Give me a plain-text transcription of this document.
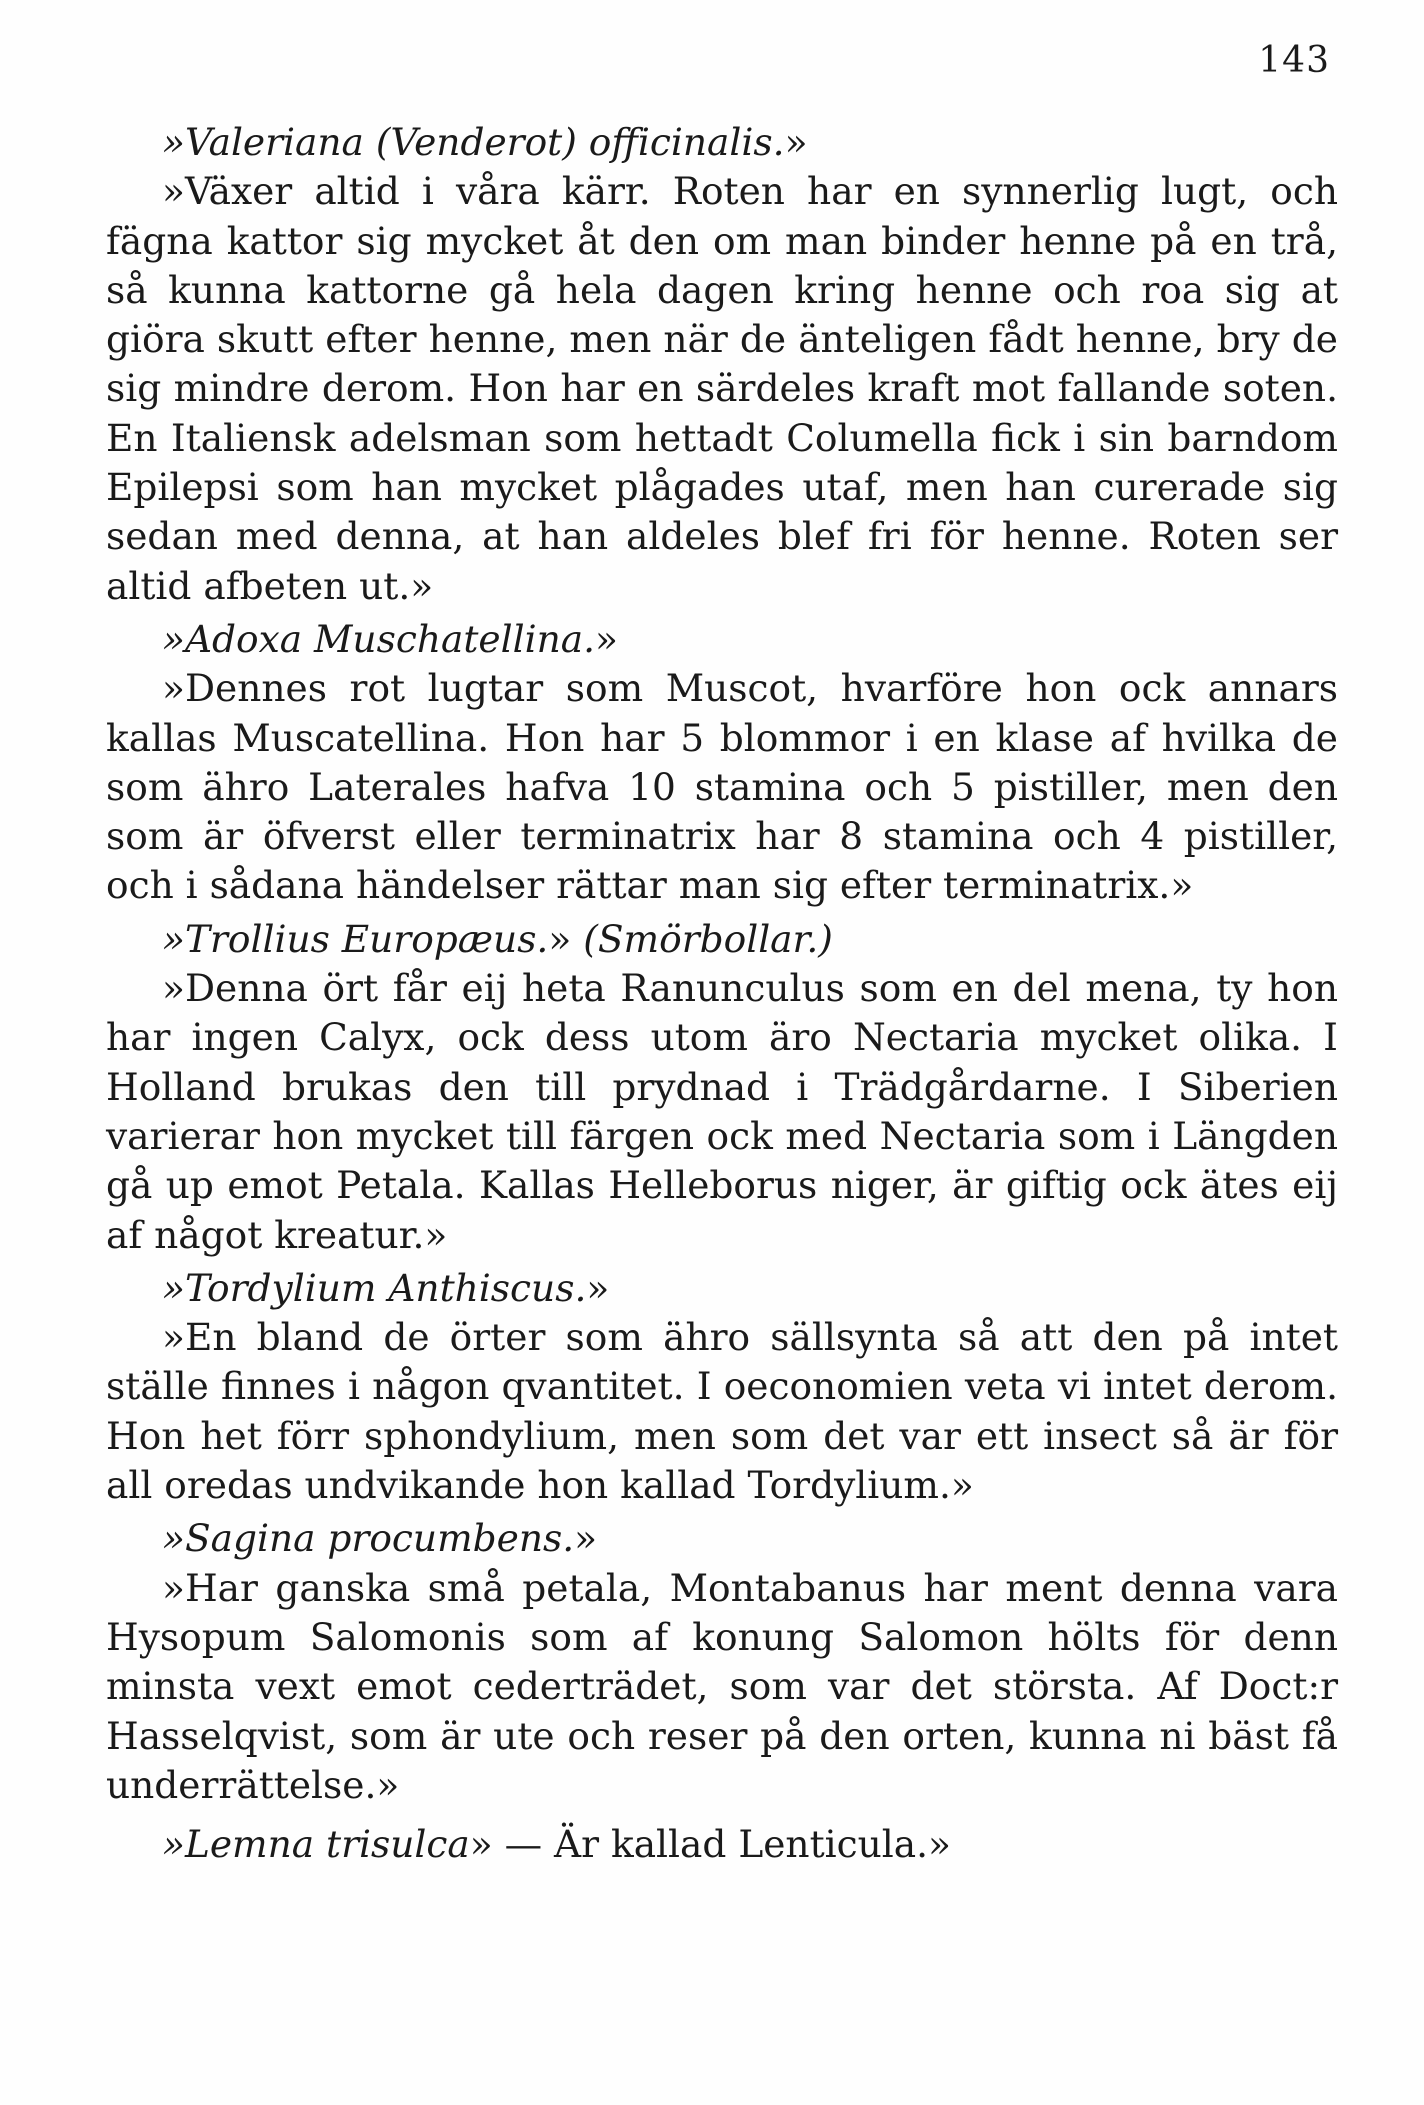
143

»Valeriana (Venderot) officinalis.»

»Växer altid i våra kärr. Roten har en synnerlig lugt, och fägna kattor sig mycket åt den om man binder henne på en trå, så kunna kattorne gå hela dagen kring henne och roa sig at giöra skutt efter henne, men när de änteligen fådt henne, bry de sig mindre derom. Hon har en särdeles kraft mot fallande soten. En Italiensk adelsman som hettadt Columella fick i sin barndom Epilepsi som han mycket plågades utaf, men han curerade sig sedan med denna, at han aldeles blef fri för henne. Roten ser altid afbeten ut.»

»Adoxa Muschatellina.»

»Dennes rot lugtar som Muscot, hvarföre hon ock annars kallas Muscatellina. Hon har 5 blommor i en klase af hvilka de som ähro Laterales hafva 10 stamina och 5 pistiller, men den som är öfverst eller terminatrix har 8 stamina och 4 pistiller, och i sådana händelser rättar man sig efter terminatrix.»

»Trollius Europæus.» (Smörbollar.)

»Denna ört får eij heta Ranunculus som en del mena, ty hon har ingen Calyx, ock dess utom äro Nectaria mycket olika. I Holland brukas den till prydnad i Trädgårdarne. I Siberien varierar hon mycket till färgen ock med Nectaria som i Längden gå up emot Petala. Kallas Helleborus niger, är giftig ock ätes eij af något kreatur.»

»Tordylium Anthiscus.»

»En bland de örter som ähro sällsynta så att den på intet ställe finnes i någon qvantitet. I oeconomien veta vi intet derom. Hon het förr sphondylium, men som det var ett insect så är för all oredas undvikande hon kallad Tordylium.»

»Sagina procumbens.»

»Har ganska små petala, Montabanus har ment denna vara Hysopum Salomonis som af konung Salomon hölts för denn minsta vext emot cederträdet, som var det största. Af Doct:r Hasselqvist, som är ute och reser på den orten, kunna ni bäst få underrättelse.»

»Lemna trisulca» — Är kallad Lenticula.»
